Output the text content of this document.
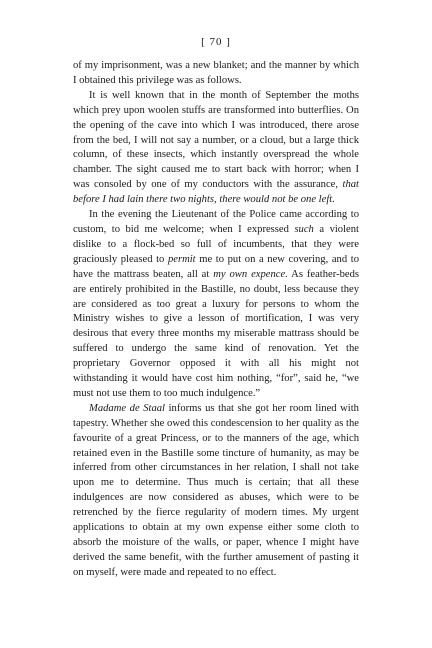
[ 70 ]

of my imprisonment, was a new blanket; and the manner by which I obtained this privilege was as follows.

It is well known that in the month of September the moths which prey upon woolen stuffs are transformed into butterflies. On the opening of the cave into which I was introduced, there arose from the bed, I will not say a number, or a cloud, but a large thick column, of these insects, which instantly overspread the whole chamber. The sight caused me to start back with horror; when I was consoled by one of my conductors with the assurance, that before I had lain there two nights, there would not be one left.

In the evening the Lieutenant of the Police came according to custom, to bid me welcome; when I expressed such a violent dislike to a flock-bed so full of incumbents, that they were graciously pleased to permit me to put on a new covering, and to have the mattrass beaten, all at my own expence. As feather-beds are entirely prohibited in the Bastille, no doubt, less because they are considered as too great a luxury for persons to whom the Ministry wishes to give a lesson of mortification, I was very desirous that every three months my miserable mattrass should be suffered to undergo the same kind of renovation. Yet the proprietary Governor opposed it with all his might not withstanding it would have cost him nothing, “for”, said he, “we must not use them to too much indulgence.”

Madame de Staal informs us that she got her room lined with tapestry. Whether she owed this condescension to her quality as the favourite of a great Princess, or to the manners of the age, which retained even in the Bastille some tincture of humanity, as may be inferred from other circumstances in her relation, I shall not take upon me to determine. Thus much is certain; that all these indulgences are now considered as abuses, which were to be retrenched by the fierce regularity of modern times. My urgent applications to obtain at my own expense either some cloth to absorb the moisture of the walls, or paper, whence I might have derived the same benefit, with the further amusement of pasting it on myself, were made and repeated to no effect.
